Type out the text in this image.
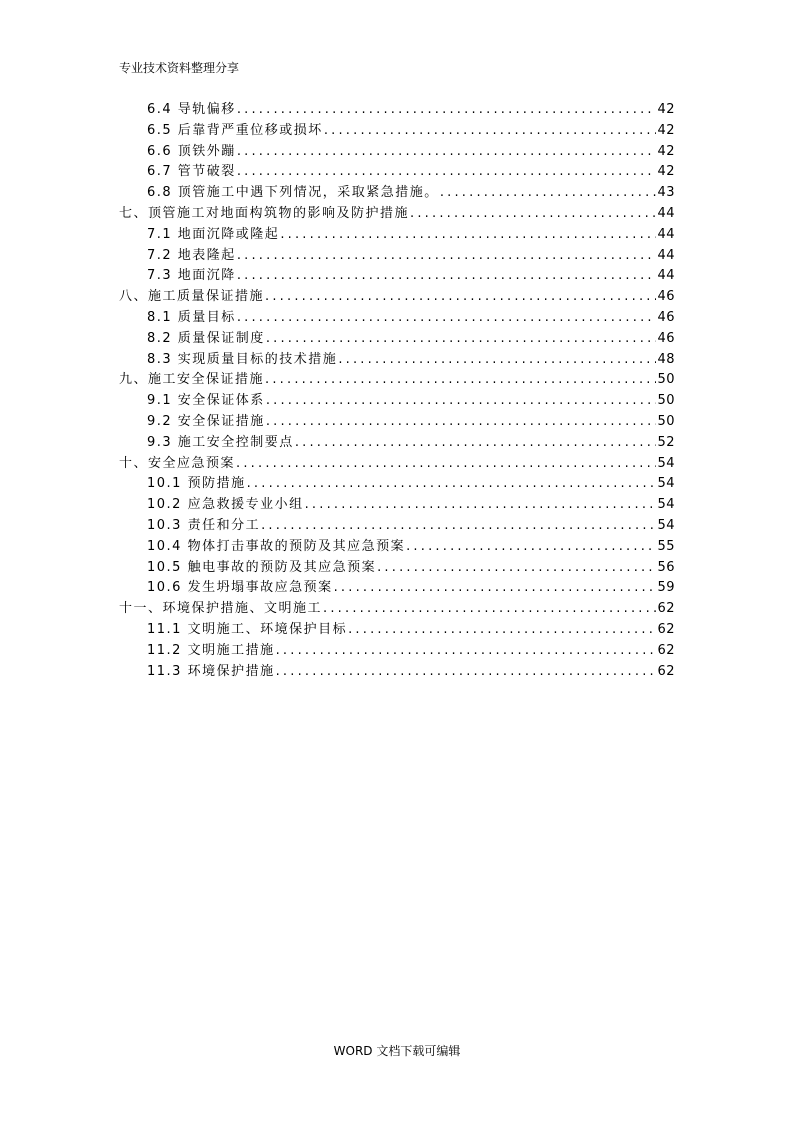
专业技术资料整理分享
6.4 导轨偏移 .....	42
6.5 后靠背严重位移或损坏 .....	42
6.6 顶铁外蹦 .....	42
6.7 管节破裂 .....	42
6.8 顶管施工中遇下列情况，采取紧急措施。 .....	43
七、顶管施工对地面构筑物的影响及防护措施 .....	44
7.1 地面沉降或隆起 .....	44
7.2 地表隆起 .....	44
7.3 地面沉降 .....	44
八、施工质量保证措施 .....	46
8.1 质量目标 .....	46
8.2 质量保证制度 .....	46
8.3 实现质量目标的技术措施 .....	48
九、施工安全保证措施 .....	50
9.1 安全保证体系 .....	50
9.2 安全保证措施 .....	50
9.3 施工安全控制要点 .....	52
十、安全应急预案 .....	54
10.1 预防措施 .....	54
10.2 应急救援专业小组 .....	54
10.3 责任和分工 .....	54
10.4 物体打击事故的预防及其应急预案 .....	55
10.5 触电事故的预防及其应急预案 .....	56
10.6 发生坍塌事故应急预案 .....	59
十一、环境保护措施、文明施工 .....	62
11.1 文明施工、环境保护目标 .....	62
11.2 文明施工措施 .....	62
11.3 环境保护措施 .....	62
WORD 文档下载可编辑
